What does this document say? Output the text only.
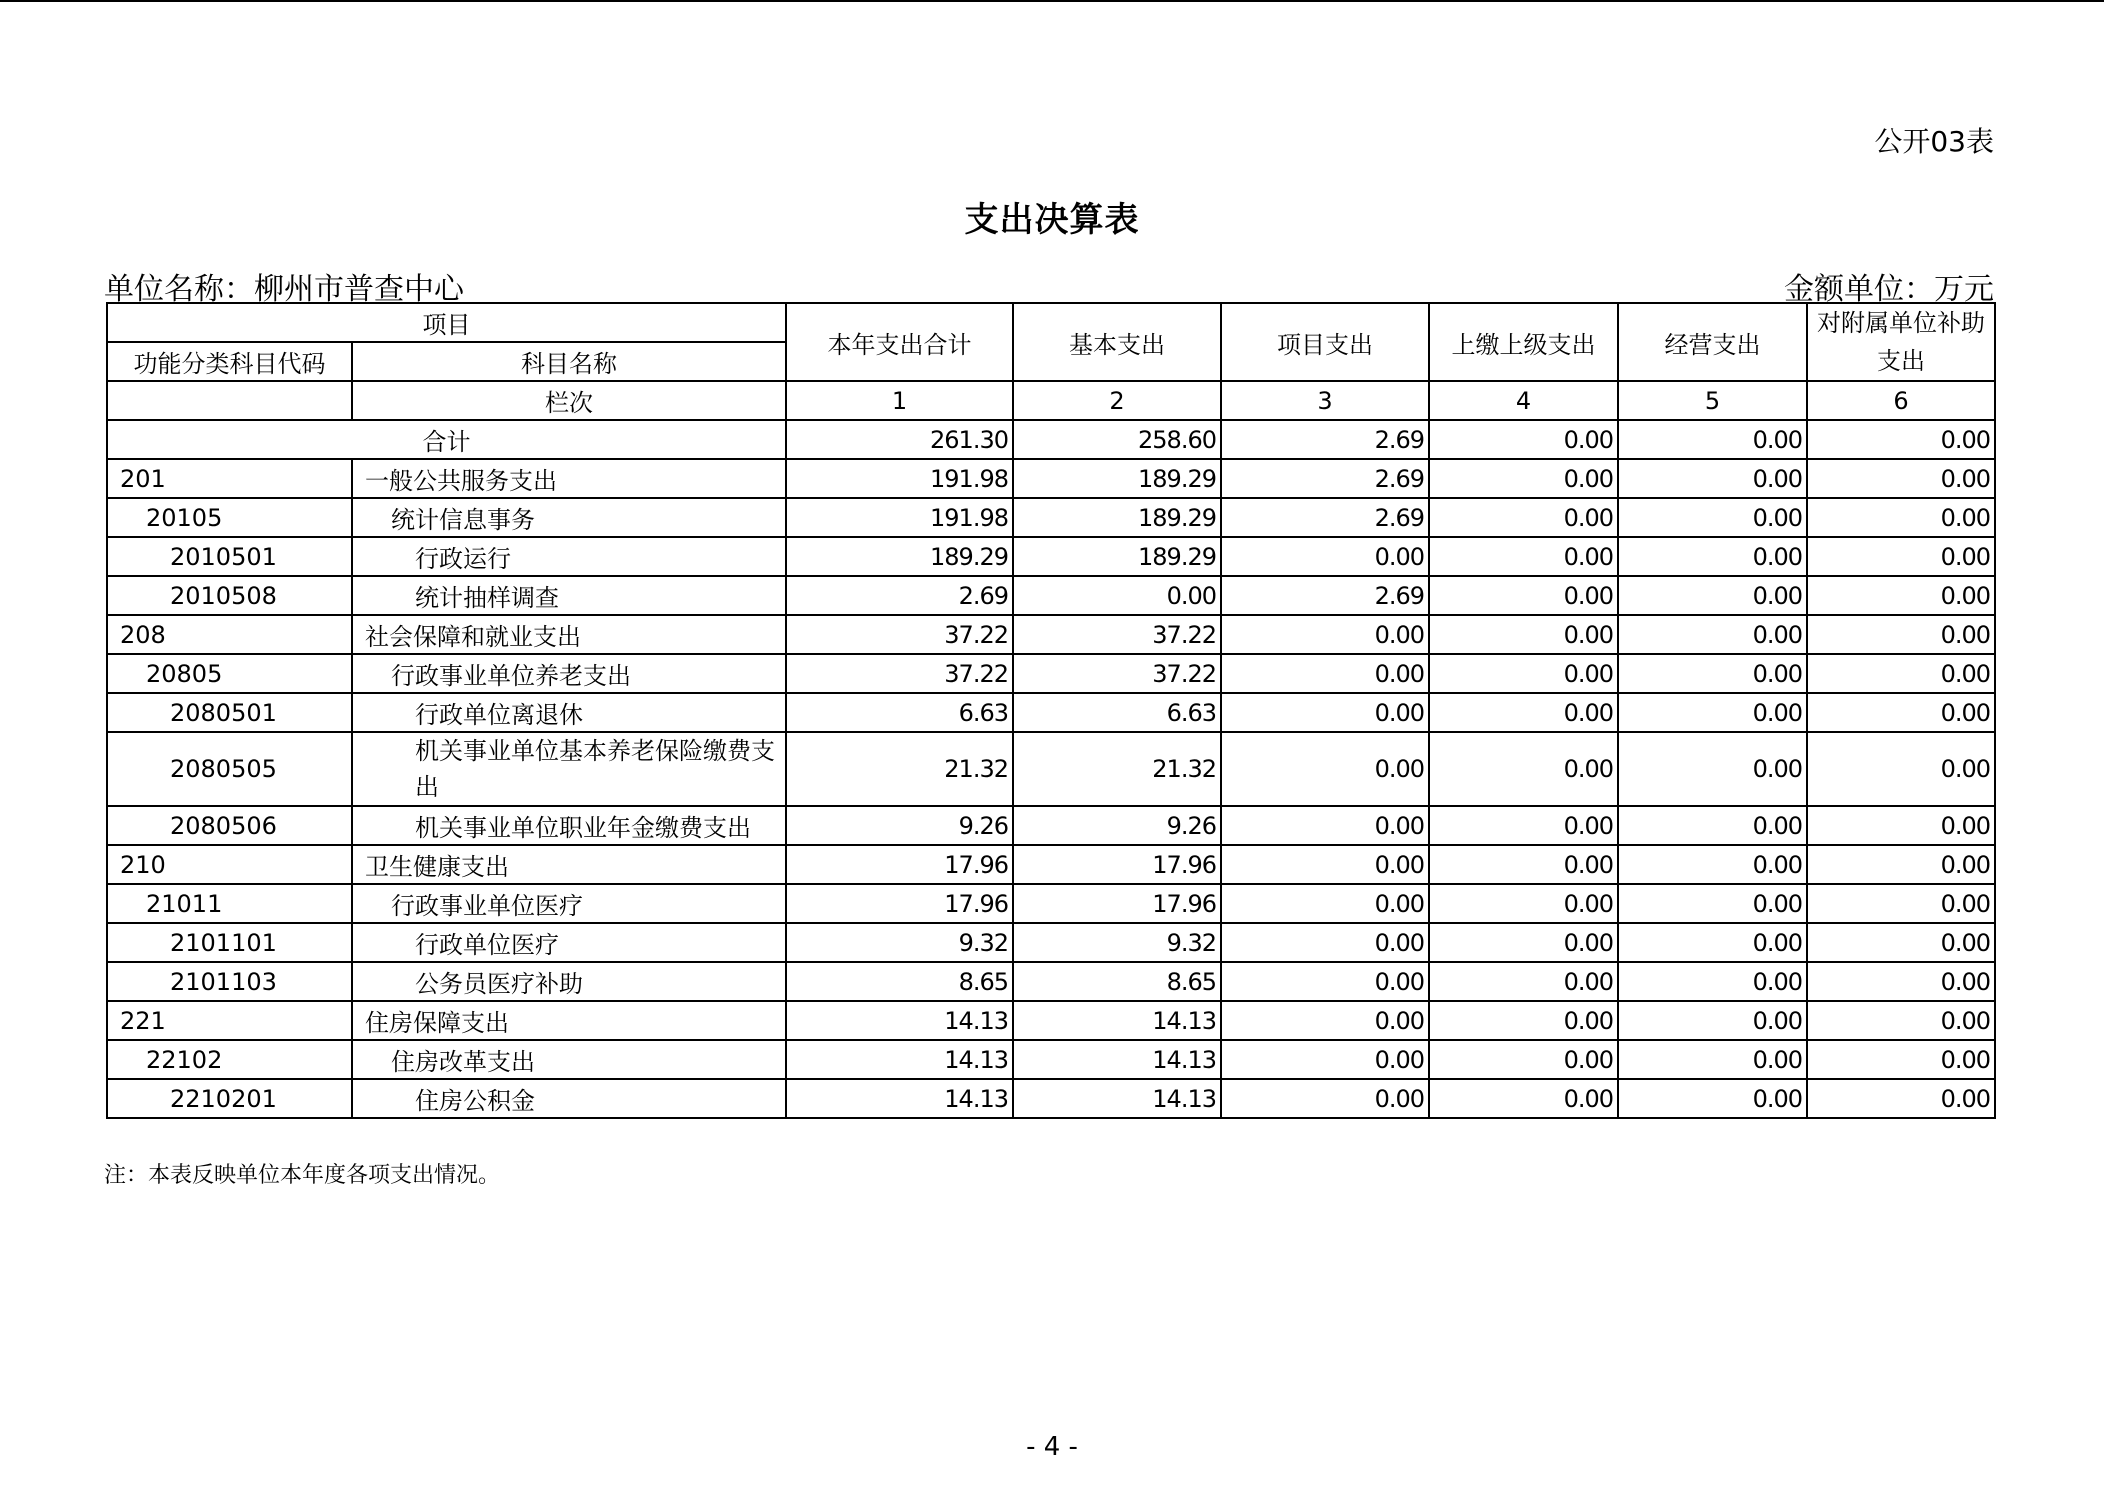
公开03表
支出决算表
单位名称：柳州市普查中心	金额单位：万元
项目		本年支出合计	基本支出	项目支出	上缴上级支出	经营支出	对附属单位补助支出
功能分类科目代码	科目名称						
	栏次	1	2	3	4	5	6
合计		261.30	258.60	2.69	0.00	0.00	0.00
201	一般公共服务支出	191.98	189.29	2.69	0.00	0.00	0.00
20105	统计信息事务	191.98	189.29	2.69	0.00	0.00	0.00
2010501	行政运行	189.29	189.29	0.00	0.00	0.00	0.00
2010508	统计抽样调查	2.69	0.00	2.69	0.00	0.00	0.00
208	社会保障和就业支出	37.22	37.22	0.00	0.00	0.00	0.00
20805	行政事业单位养老支出	37.22	37.22	0.00	0.00	0.00	0.00
2080501	行政单位离退休	6.63	6.63	0.00	0.00	0.00	0.00
2080505	机关事业单位基本养老保险缴费支出	21.32	21.32	0.00	0.00	0.00	0.00
2080506	机关事业单位职业年金缴费支出	9.26	9.26	0.00	0.00	0.00	0.00
210	卫生健康支出	17.96	17.96	0.00	0.00	0.00	0.00
21011	行政事业单位医疗	17.96	17.96	0.00	0.00	0.00	0.00
2101101	行政单位医疗	9.32	9.32	0.00	0.00	0.00	0.00
2101103	公务员医疗补助	8.65	8.65	0.00	0.00	0.00	0.00
221	住房保障支出	14.13	14.13	0.00	0.00	0.00	0.00
22102	住房改革支出	14.13	14.13	0.00	0.00	0.00	0.00
2210201	住房公积金	14.13	14.13	0.00	0.00	0.00	0.00
注：本表反映单位本年度各项支出情况。
- 4 -
